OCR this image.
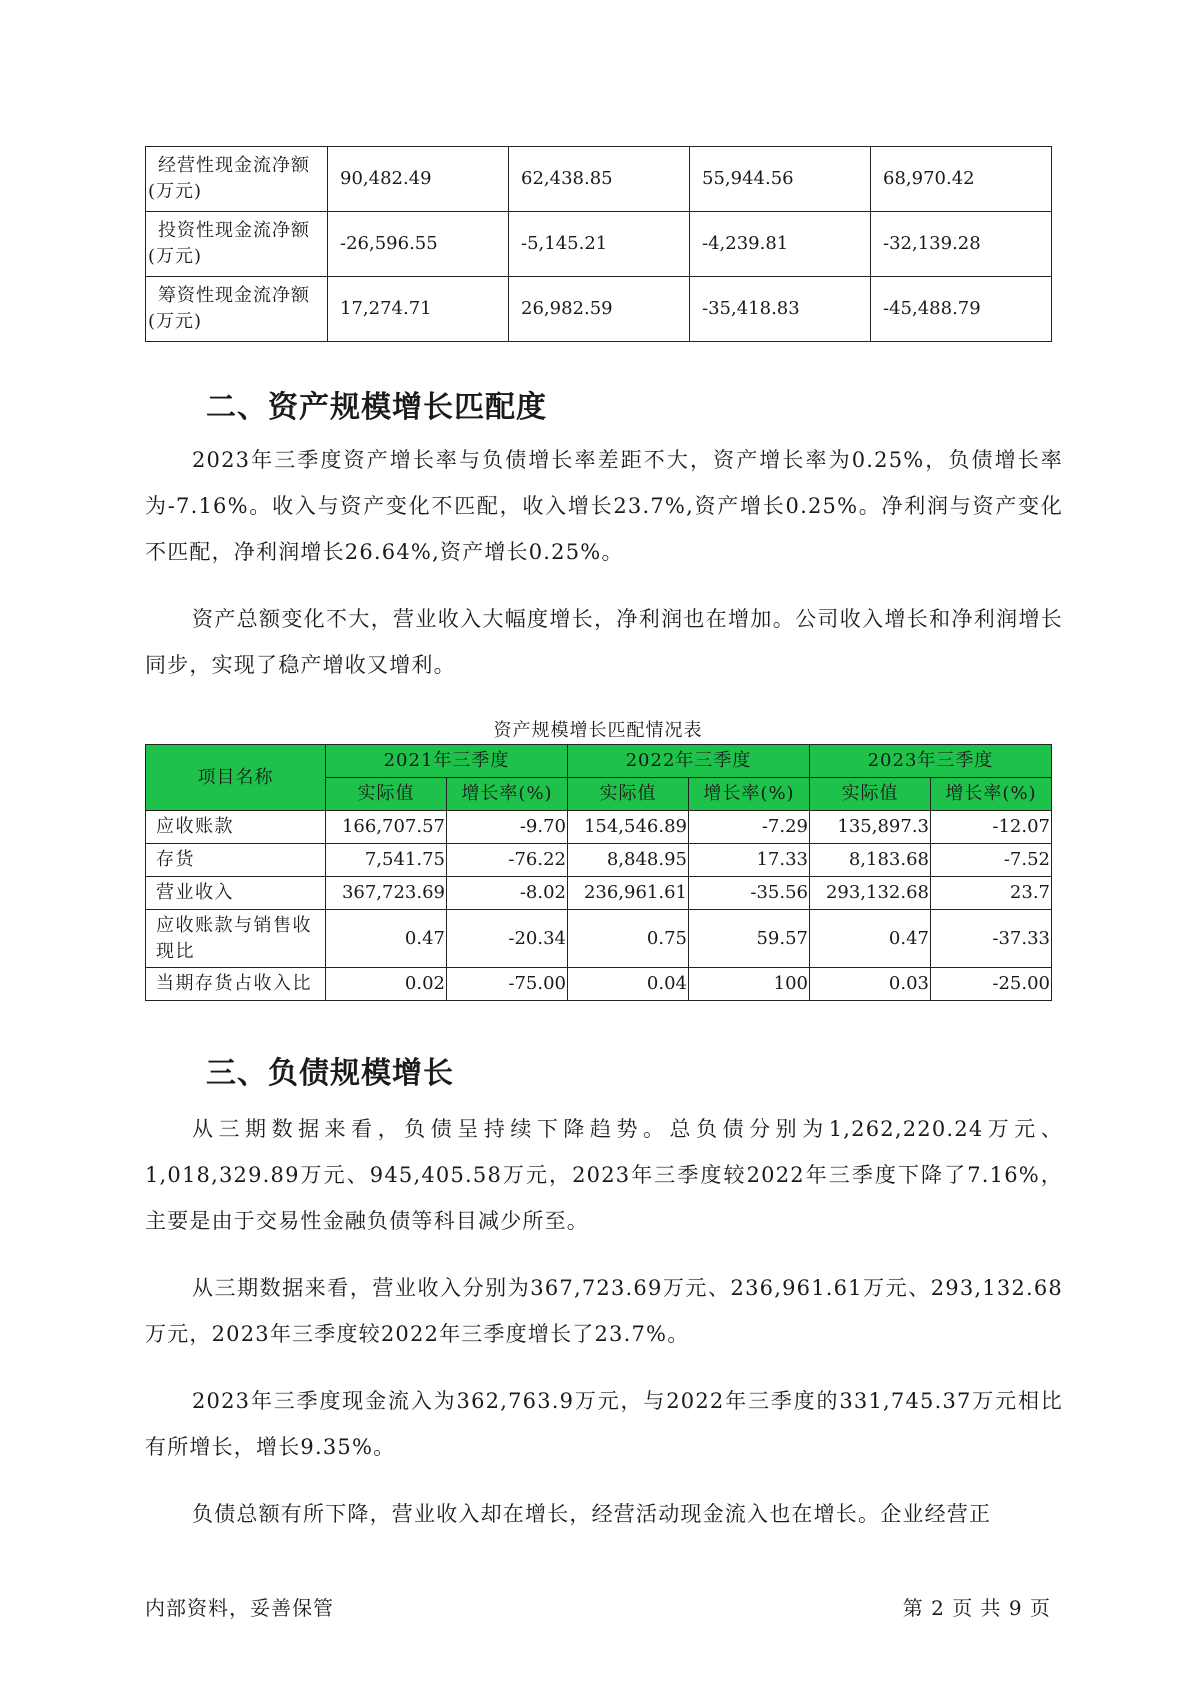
经营性现金流净额(万元)	90,482.49	62,438.85	55,944.56	68,970.42
投资性现金流净额(万元)	-26,596.55	-5,145.21	-4,239.81	-32,139.28
筹资性现金流净额(万元)	17,274.71	26,982.59	-35,418.83	-45,488.79
二、资产规模增长匹配度

2023年三季度资产增长率与负债增长率差距不大，资产增长率为0.25%，负债增长率为-7.16%。收入与资产变化不匹配，收入增长23.7%,资产增长0.25%。净利润与资产变化不匹配，净利润增长26.64%,资产增长0.25%。

资产总额变化不大，营业收入大幅度增长，净利润也在增加。公司收入增长和净利润增长同步，实现了稳产增收又增利。

资产规模增长匹配情况表
项目名称	2021年三季度		2022年三季度		2023年三季度	
	实际值	增长率(%)	实际值	增长率(%)	实际值	增长率(%)
应收账款	166,707.57	-9.70	154,546.89	-7.29	135,897.3	-12.07
存货	7,541.75	-76.22	8,848.95	17.33	8,183.68	-7.52
营业收入	367,723.69	-8.02	236,961.61	-35.56	293,132.68	23.7
应收账款与销售收现比	0.47	-20.34	0.75	59.57	0.47	-37.33
当期存货占收入比	0.02	-75.00	0.04	100	0.03	-25.00
三、负债规模增长

从三期数据来看，负债呈持续下降趋势。总负债分别为1,262,220.24万元、1,018,329.89万元、945,405.58万元，2023年三季度较2022年三季度下降了7.16%，主要是由于交易性金融负债等科目减少所至。

从三期数据来看，营业收入分别为367,723.69万元、236,961.61万元、293,132.68万元，2023年三季度较2022年三季度增长了23.7%。

2023年三季度现金流入为362,763.9万元，与2022年三季度的331,745.37万元相比有所增长，增长9.35%。

负债总额有所下降，营业收入却在增长，经营活动现金流入也在增长。企业经营正

内部资料，妥善保管	第 2 页 共 9 页
